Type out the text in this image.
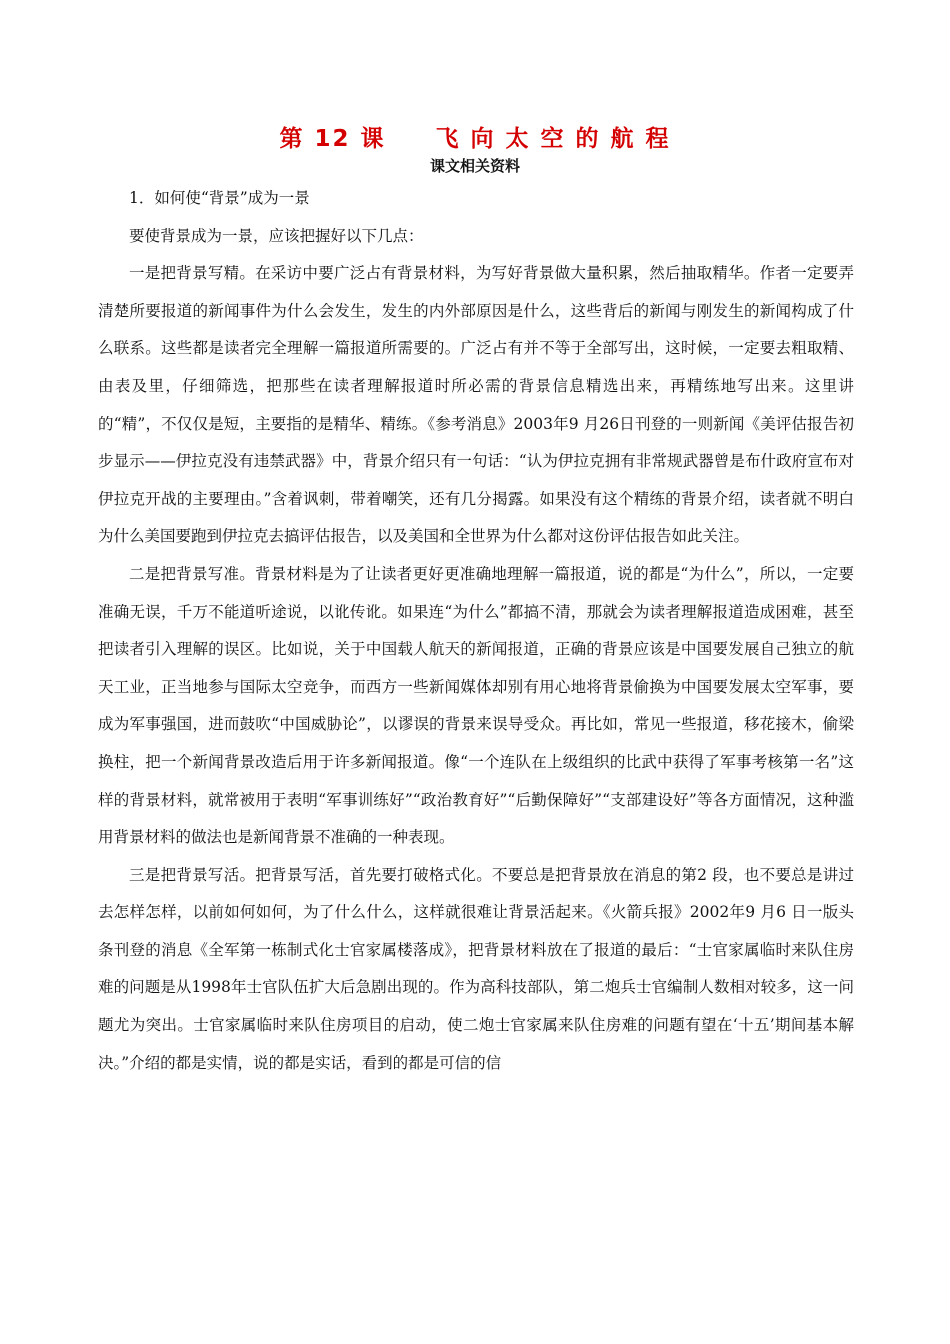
第 12 课　　飞 向 太 空 的 航 程
课文相关资料

1．如何使“背景”成为一景

要使背景成为一景，应该把握好以下几点：

一是把背景写精。在采访中要广泛占有背景材料，为写好背景做大量积累，然后抽取精华。作者一定要弄清楚所要报道的新闻事件为什么会发生，发生的内外部原因是什么，这些背后的新闻与刚发生的新闻构成了什么联系。这些都是读者完全理解一篇报道所需要的。广泛占有并不等于全部写出，这时候，一定要去粗取精、由表及里，仔细筛选，把那些在读者理解报道时所必需的背景信息精选出来，再精练地写出来。这里讲的“精”，不仅仅是短，主要指的是精华、精练。《参考消息》2003年9 月26日刊登的一则新闻《美评估报告初步显示——伊拉克没有违禁武器》中，背景介绍只有一句话：“认为伊拉克拥有非常规武器曾是布什政府宣布对伊拉克开战的主要理由。”含着讽刺，带着嘲笑，还有几分揭露。如果没有这个精练的背景介绍，读者就不明白为什么美国要跑到伊拉克去搞评估报告，以及美国和全世界为什么都对这份评估报告如此关注。

二是把背景写准。背景材料是为了让读者更好更准确地理解一篇报道，说的都是“为什么”，所以，一定要准确无误，千万不能道听途说，以讹传讹。如果连“为什么”都搞不清，那就会为读者理解报道造成困难，甚至把读者引入理解的误区。比如说，关于中国载人航天的新闻报道，正确的背景应该是中国要发展自己独立的航天工业，正当地参与国际太空竞争，而西方一些新闻媒体却别有用心地将背景偷换为中国要发展太空军事，要成为军事强国，进而鼓吹“中国威胁论”，以谬误的背景来误导受众。再比如，常见一些报道，移花接木，偷梁换柱，把一个新闻背景改造后用于许多新闻报道。像“一个连队在上级组织的比武中获得了军事考核第一名”这样的背景材料，就常被用于表明“军事训练好”“政治教育好”“后勤保障好”“支部建设好”等各方面情况，这种滥用背景材料的做法也是新闻背景不准确的一种表现。

三是把背景写活。把背景写活，首先要打破格式化。不要总是把背景放在消息的第2 段，也不要总是讲过去怎样怎样，以前如何如何，为了什么什么，这样就很难让背景活起来。《火箭兵报》2002年9 月6 日一版头条刊登的消息《全军第一栋制式化士官家属楼落成》，把背景材料放在了报道的最后：“士官家属临时来队住房难的问题是从1998年士官队伍扩大后急剧出现的。作为高科技部队，第二炮兵士官编制人数相对较多，这一问题尤为突出。士官家属临时来队住房项目的启动，使二炮士官家属来队住房难的问题有望在‘十五’期间基本解决。”介绍的都是实情，说的都是实话，看到的都是可信的信
